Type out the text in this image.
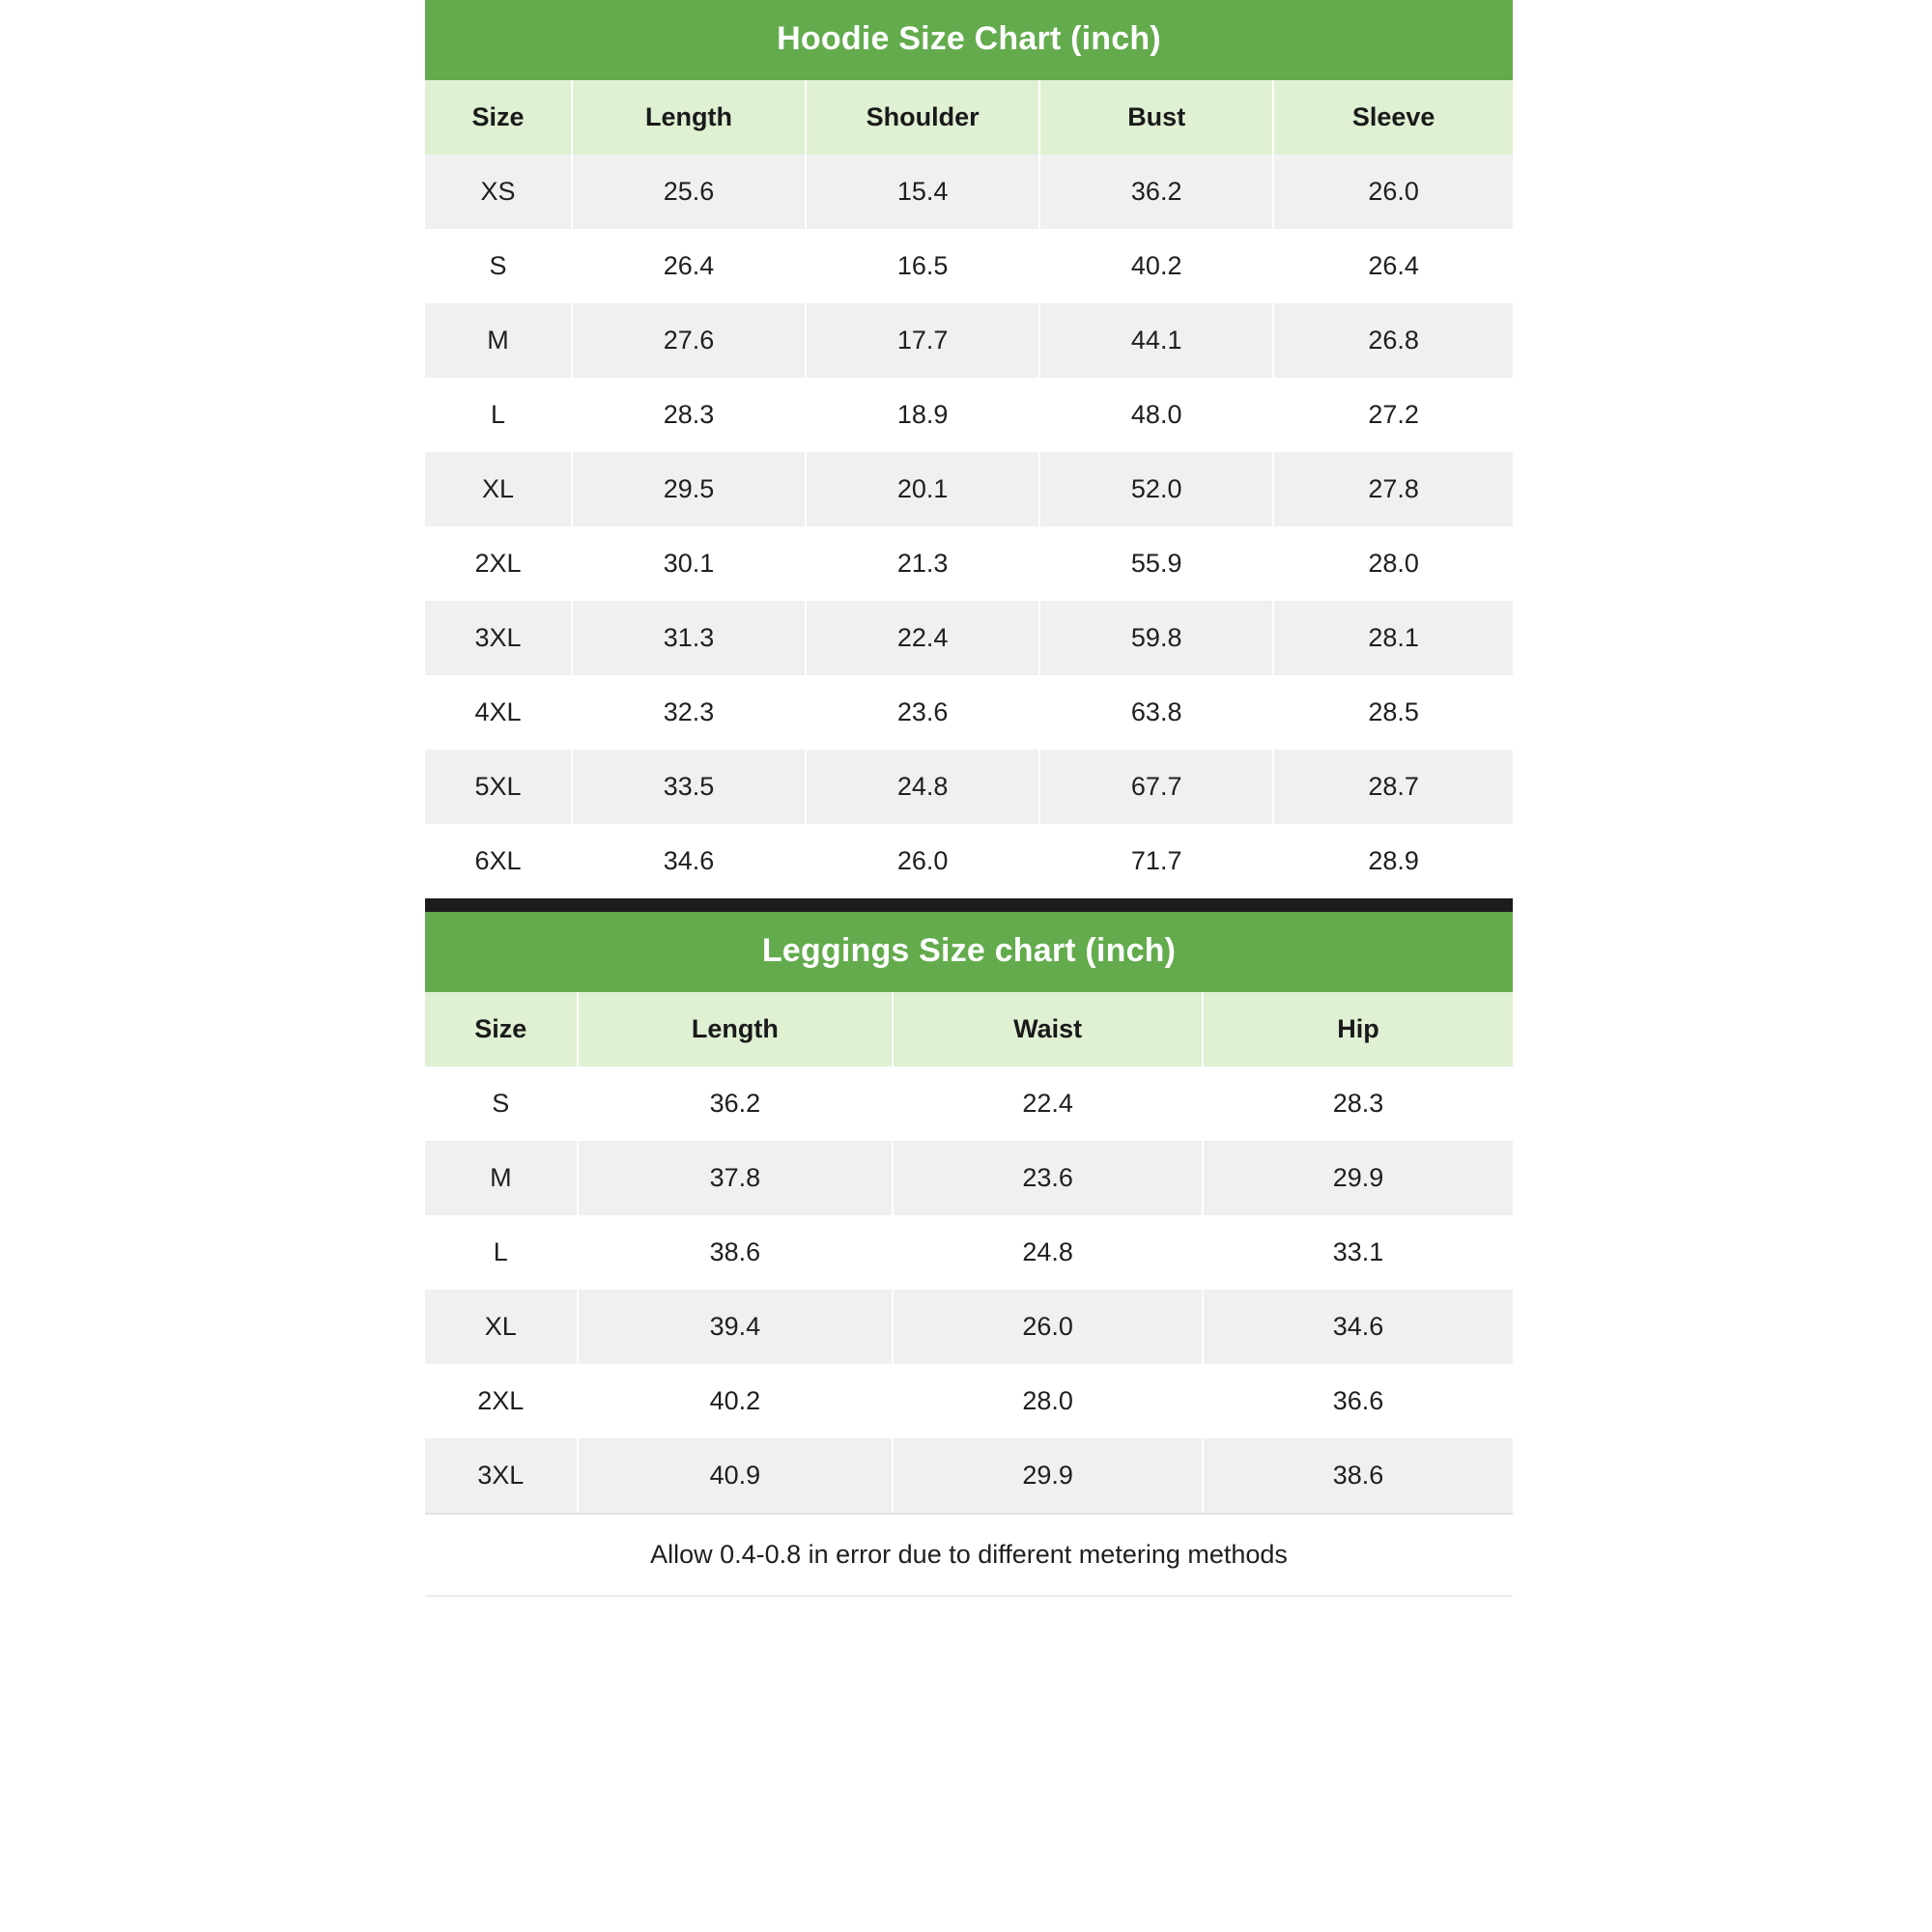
Hoodie Size Chart (inch)				
Size	Length	Shoulder	Bust	Sleeve
XS	25.6	15.4	36.2	26.0
S	26.4	16.5	40.2	26.4
M	27.6	17.7	44.1	26.8
L	28.3	18.9	48.0	27.2
XL	29.5	20.1	52.0	27.8
2XL	30.1	21.3	55.9	28.0
3XL	31.3	22.4	59.8	28.1
4XL	32.3	23.6	63.8	28.5
5XL	33.5	24.8	67.7	28.7
6XL	34.6	26.0	71.7	28.9
Leggings Size chart (inch)			
Size	Length	Waist	Hip
S	36.2	22.4	28.3
M	37.8	23.6	29.9
L	38.6	24.8	33.1
XL	39.4	26.0	34.6
2XL	40.2	28.0	36.6
3XL	40.9	29.9	38.6
Allow 0.4-0.8 in error due to different metering methods
